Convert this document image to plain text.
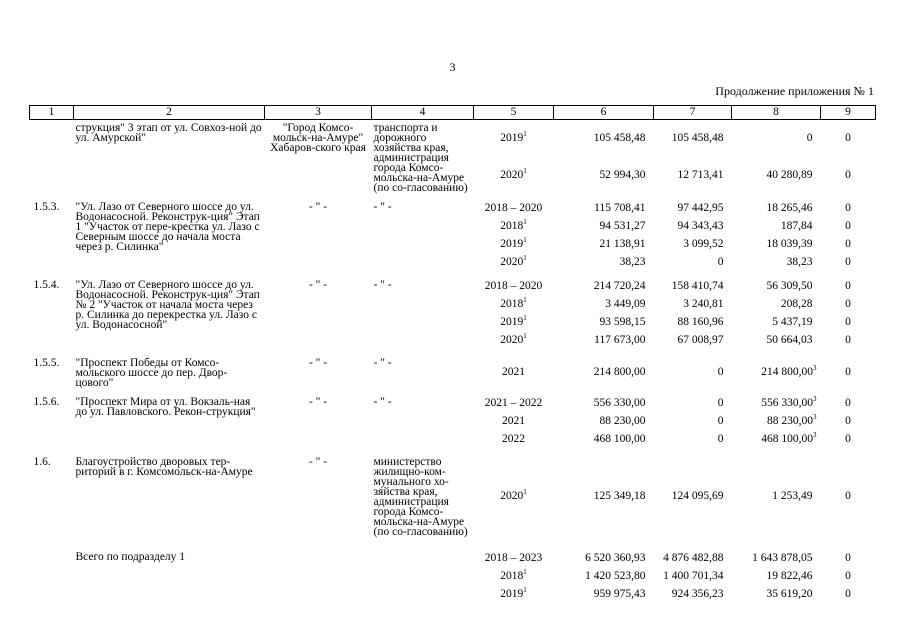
3
Продолжение приложения № 1
1	2	3	4	5	6	7	8	9

	струкция" 3 этап от ул. Совхоз-ной до ул. Амурской"	"Город Комсо-мольск-на-Амуре" Хабаров-ского края	транспорта и дорожного хозяйства края, администрация города Комсо-мольска-на-Амуре (по со-гласованию)	2019$^1$	105 458,48	105 458,48	0	0
				2020$^1$	52 994,30	12 713,41	40 280,89	0

1.5.3.	"Ул. Лазо от Северного шоссе до ул. Водонасосной. Реконструк-ция" Этап 1 "Участок от пере-крестка ул. Лазо с Северным шоссе до начала моста через р. Силинка"	- " -	- " -	2018 – 2020	115 708,41	97 442,95	18 265,46	0
				2018$^1$	94 531,27	94 343,43	187,84	0
				2019$^1$	21 138,91	3 099,52	18 039,39	0
				2020$^1$	38,23	0	38,23	0

1.5.4.	"Ул. Лазо от Северного шоссе до ул. Водонасосной. Реконструк-ция" Этап № 2 "Участок от начала моста через р. Силинка до перекрестка ул. Лазо с ул. Водонасосной"	- " -	- " -	2018 – 2020	214 720,24	158 410,74	56 309,50	0
				2018$^1$	3 449,09	3 240,81	208,28	0
				2019$^1$	93 598,15	88 160,96	5 437,19	0
				2020$^1$	117 673,00	67 008,97	50 664,03	0

1.5.5.	"Проспект Победы от Комсо-мольского шоссе до пер. Двор-цового"	- " -	- " -	2021	214 800,00	0	214 800,00$^3$	0

1.5.6.	"Проспект Мира от ул. Вокзаль-ная до ул. Павловского. Рекон-струкция"	- " -	- " -	2021 – 2022	556 330,00	0	556 330,00$^3$	0
				2021	88 230,00	0	88 230,00$^3$	0
				2022	468 100,00	0	468 100,00$^3$	0

1.6.	Благоустройство дворовых тер-риторий в г. Комсомольск-на-Амуре	- " -	министерство жилищно-ком-мунального хо-зяйства края, администрация города Комсо-мольска-на-Амуре (по со-гласованию)	2020$^1$	125 349,18	124 095,69	1 253,49	0

	Всего по подразделу 1			2018 – 2023	6 520 360,93	4 876 482,88	1 643 878,05	0
				2018$^1$	1 420 523,80	1 400 701,34	19 822,46	0
				2019$^1$	959 975,43	924 356,23	35 619,20	0
